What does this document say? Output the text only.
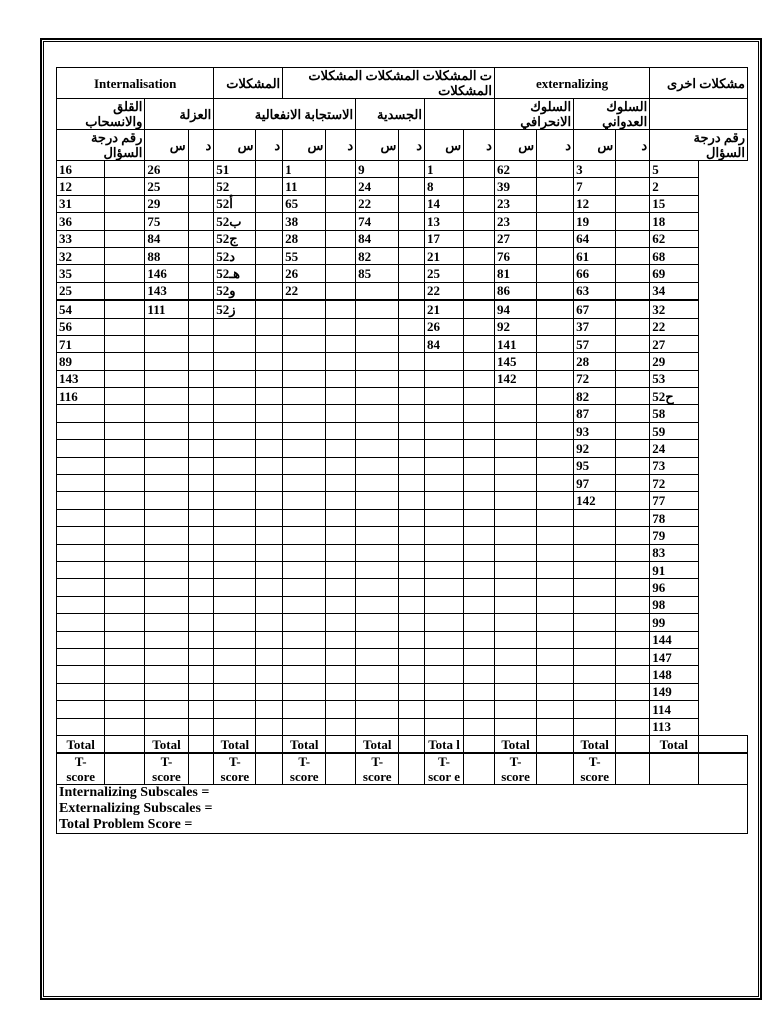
Internalisation				المشكلات		ت المشكلات المشكلات المشكلات المشكلات						externalizing				مشكلات اخرى	
القلق والانسحاب		العزلة		الاستجابة الانفعالية				الجسدية				السلوك الانحرافي		السلوك العدواني			
رقم درجة السؤال		س	د	س	د	س	د	س	د	س	د	س	د	س	د	رقم درجة السؤال	
16		26		51		1		9		1		62		3		5	
12		25		52		11		24		8		39		7		2	
31		29		52أ		65		22		14		23		12		15	
36		75		52ب		38		74		13		23		19		18	
33		84		52ج		28		84		17		27		64		62	
32		88		52د		55		82		21		76		61		68	
35		146		52هـ		26		85		25		81		66		69	
25		143		52و		22				22		86		63		34	
54		111		52ز						21		94		67		32	
56										26		92		37		22	
71										84		141		57		27	
89												145		28		29	
143												142		72		53	
116														82		52ح	
														87		58	
														93		59	
														92		24	
														95		73	
														97		72	
														142		77	
																78	
																79	
																83	
																91	
																96	
																98	
																99	
																144	
																147	
																148	
																149	
																114	
																113	
Total		Total		Total		Total		Total		Tota l		Total		Total		Total	
T- score		T- score		T- score		T- score		T- score		T- scor e		T- score		T- score			

Internalizing Subscales =
Externalizing Subscales =
Total Problem Score =																	
